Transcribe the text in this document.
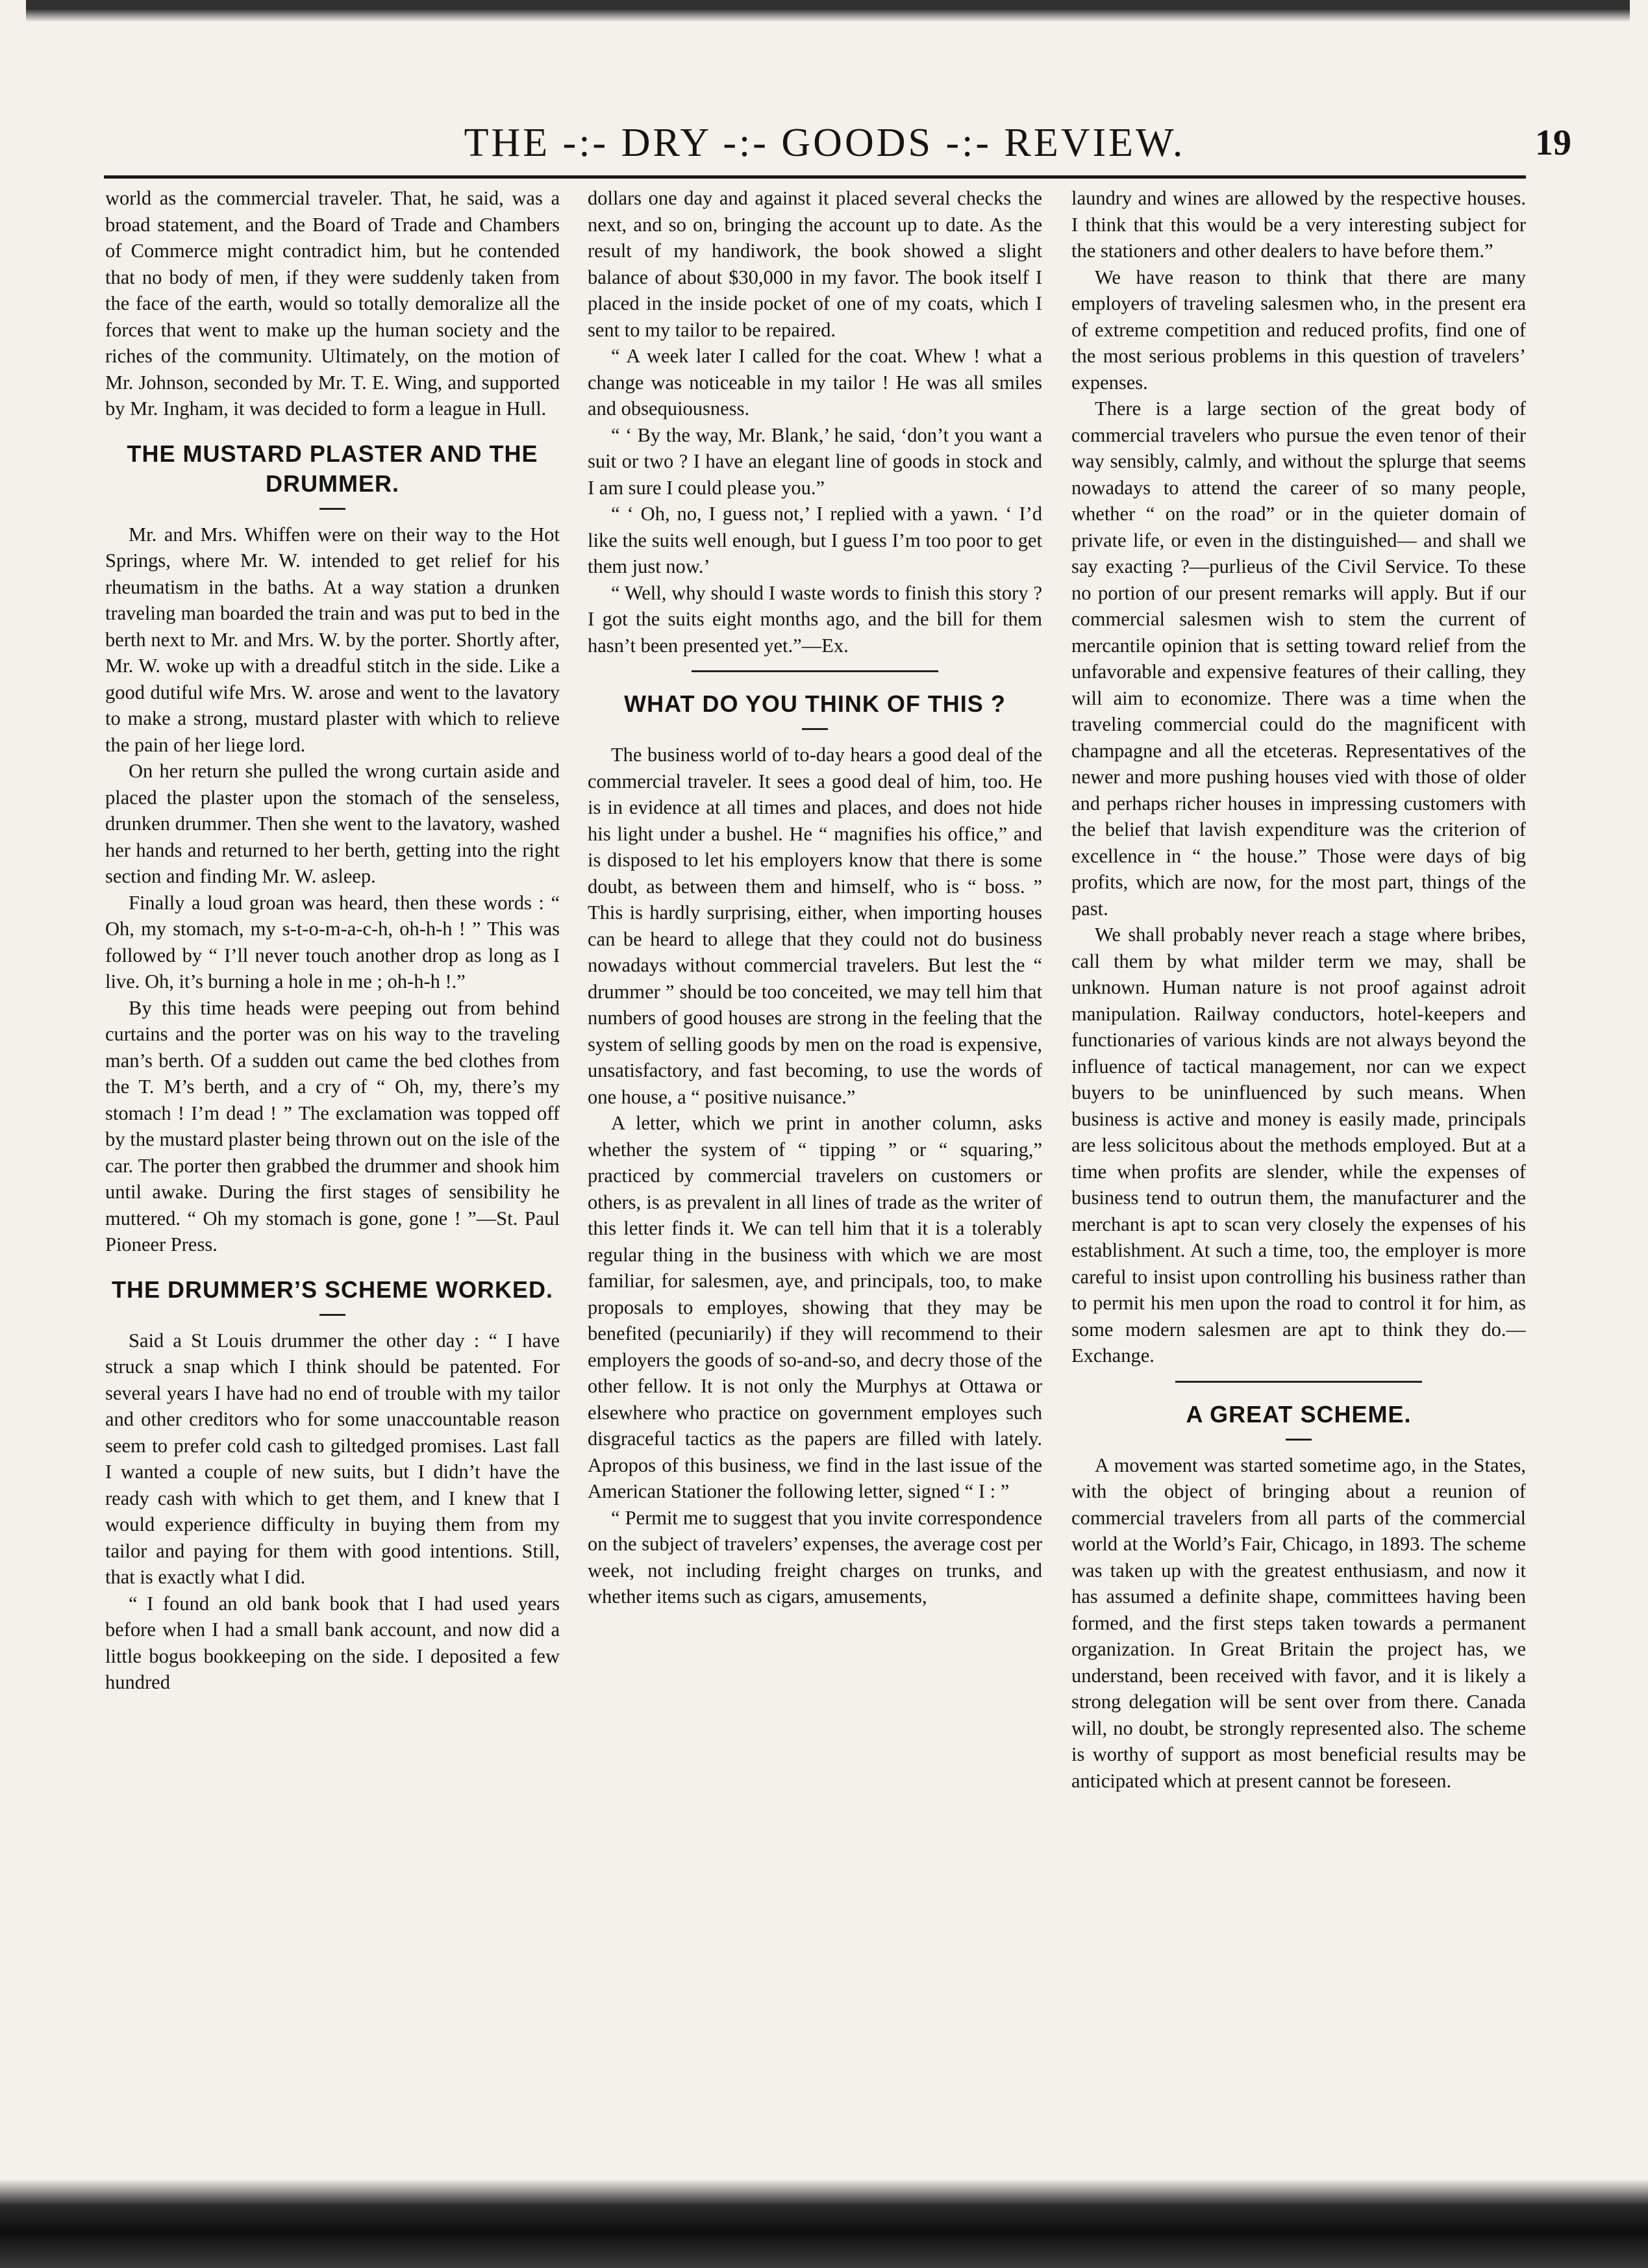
THE -:- DRY -:- GOODS -:- REVIEW.	19

world as the commercial traveler. That, he said, was a broad statement, and the Board of Trade and Chambers of Commerce might contradict him, but he contended that no body of men, if they were suddenly taken from the face of the earth, would so totally demoralize all the forces that went to make up the human society and the riches of the community. Ultimately, on the motion of Mr. Johnson, seconded by Mr. T. E. Wing, and supported by Mr. Ingham, it was decided to form a league in Hull.

THE MUSTARD PLASTER AND THE DRUMMER.

Mr. and Mrs. Whiffen were on their way to the Hot Springs, where Mr. W. intended to get relief for his rheumatism in the baths. At a way station a drunken traveling man boarded the train and was put to bed in the berth next to Mr. and Mrs. W. by the porter. Shortly after, Mr. W. woke up with a dreadful stitch in the side. Like a good dutiful wife Mrs. W. arose and went to the lavatory to make a strong, mustard plaster with which to relieve the pain of her liege lord.

On her return she pulled the wrong curtain aside and placed the plaster upon the stomach of the senseless, drunken drummer. Then she went to the lavatory, washed her hands and returned to her berth, getting into the right section and finding Mr. W. asleep.

Finally a loud groan was heard, then these words : “ Oh, my stomach, my s-t-o-m-a-c-h, oh-h-h ! ” This was followed by “ I’ll never touch another drop as long as I live. Oh, it’s burning a hole in me ; oh-h-h !.”

By this time heads were peeping out from behind curtains and the porter was on his way to the traveling man’s berth. Of a sudden out came the bed clothes from the T. M’s berth, and a cry of “ Oh, my, there’s my stomach ! I’m dead ! ” The exclamation was topped off by the mustard plaster being thrown out on the isle of the car. The porter then grabbed the drummer and shook him until awake. During the first stages of sensibility he muttered. “ Oh my stomach is gone, gone ! ”—St. Paul Pioneer Press.

THE DRUMMER’S SCHEME WORKED.

Said a St Louis drummer the other day : “ I have struck a snap which I think should be patented. For several years I have had no end of trouble with my tailor and other creditors who for some unaccountable reason seem to prefer cold cash to giltedged promises. Last fall I wanted a couple of new suits, but I didn’t have the ready cash with which to get them, and I knew that I would experience difficulty in buying them from my tailor and paying for them with good intentions. Still, that is exactly what I did.

“ I found an old bank book that I had used years before when I had a small bank account, and now did a little bogus bookkeeping on the side. I deposited a few hundred

dollars one day and against it placed several checks the next, and so on, bringing the account up to date. As the result of my handiwork, the book showed a slight balance of about $30,000 in my favor. The book itself I placed in the inside pocket of one of my coats, which I sent to my tailor to be repaired.

“ A week later I called for the coat. Whew ! what a change was noticeable in my tailor ! He was all smiles and obsequiousness.

“ ‘ By the way, Mr. Blank,’ he said, ‘don’t you want a suit or two ? I have an elegant line of goods in stock and I am sure I could please you.”

“ ‘ Oh, no, I guess not,’ I replied with a yawn. ‘ I’d like the suits well enough, but I guess I’m too poor to get them just now.’

“ Well, why should I waste words to finish this story ? I got the suits eight months ago, and the bill for them hasn’t been presented yet.”—Ex.

WHAT DO YOU THINK OF THIS ?

The business world of to-day hears a good deal of the commercial traveler. It sees a good deal of him, too. He is in evidence at all times and places, and does not hide his light under a bushel. He “ magnifies his office,” and is disposed to let his employers know that there is some doubt, as between them and himself, who is “ boss. ” This is hardly surprising, either, when importing houses can be heard to allege that they could not do business nowadays without commercial travelers. But lest the “ drummer ” should be too conceited, we may tell him that numbers of good houses are strong in the feeling that the system of selling goods by men on the road is expensive, unsatisfactory, and fast becoming, to use the words of one house, a “ positive nuisance.”

A letter, which we print in another column, asks whether the system of “ tipping ” or “ squaring,” practiced by commercial travelers on customers or others, is as prevalent in all lines of trade as the writer of this letter finds it. We can tell him that it is a tolerably regular thing in the business with which we are most familiar, for salesmen, aye, and principals, too, to make proposals to employes, showing that they may be benefited (pecuniarily) if they will recommend to their employers the goods of so-and-so, and decry those of the other fellow. It is not only the Murphys at Ottawa or elsewhere who practice on government employes such disgraceful tactics as the papers are filled with lately. Apropos of this business, we find in the last issue of the American Stationer the following letter, signed “ I : ”

“ Permit me to suggest that you invite correspondence on the subject of travelers’ expenses, the average cost per week, not including freight charges on trunks, and whether items such as cigars, amusements,

laundry and wines are allowed by the respective houses. I think that this would be a very interesting subject for the stationers and other dealers to have before them.”

We have reason to think that there are many employers of traveling salesmen who, in the present era of extreme competition and reduced profits, find one of the most serious problems in this question of travelers’ expenses.

There is a large section of the great body of commercial travelers who pursue the even tenor of their way sensibly, calmly, and without the splurge that seems nowadays to attend the career of so many people, whether “ on the road” or in the quieter domain of private life, or even in the distinguished— and shall we say exacting ?—purlieus of the Civil Service. To these no portion of our present remarks will apply. But if our commercial salesmen wish to stem the current of mercantile opinion that is setting toward relief from the unfavorable and expensive features of their calling, they will aim to economize. There was a time when the traveling commercial could do the magnificent with champagne and all the etceteras. Representatives of the newer and more pushing houses vied with those of older and perhaps richer houses in impressing customers with the belief that lavish expenditure was the criterion of excellence in “ the house.” Those were days of big profits, which are now, for the most part, things of the past.

We shall probably never reach a stage where bribes, call them by what milder term we may, shall be unknown. Human nature is not proof against adroit manipulation. Railway conductors, hotel-keepers and functionaries of various kinds are not always beyond the influence of tactical management, nor can we expect buyers to be uninfluenced by such means. When business is active and money is easily made, principals are less solicitous about the methods employed. But at a time when profits are slender, while the expenses of business tend to outrun them, the manufacturer and the merchant is apt to scan very closely the expenses of his establishment. At such a time, too, the employer is more careful to insist upon controlling his business rather than to permit his men upon the road to control it for him, as some modern salesmen are apt to think they do.— Exchange.

A GREAT SCHEME.

A movement was started sometime ago, in the States, with the object of bringing about a reunion of commercial travelers from all parts of the commercial world at the World’s Fair, Chicago, in 1893. The scheme was taken up with the greatest enthusiasm, and now it has assumed a definite shape, committees having been formed, and the first steps taken towards a permanent organization. In Great Britain the project has, we understand, been received with favor, and it is likely a strong delegation will be sent over from there. Canada will, no doubt, be strongly represented also. The scheme is worthy of support as most beneficial results may be anticipated which at present cannot be foreseen.
